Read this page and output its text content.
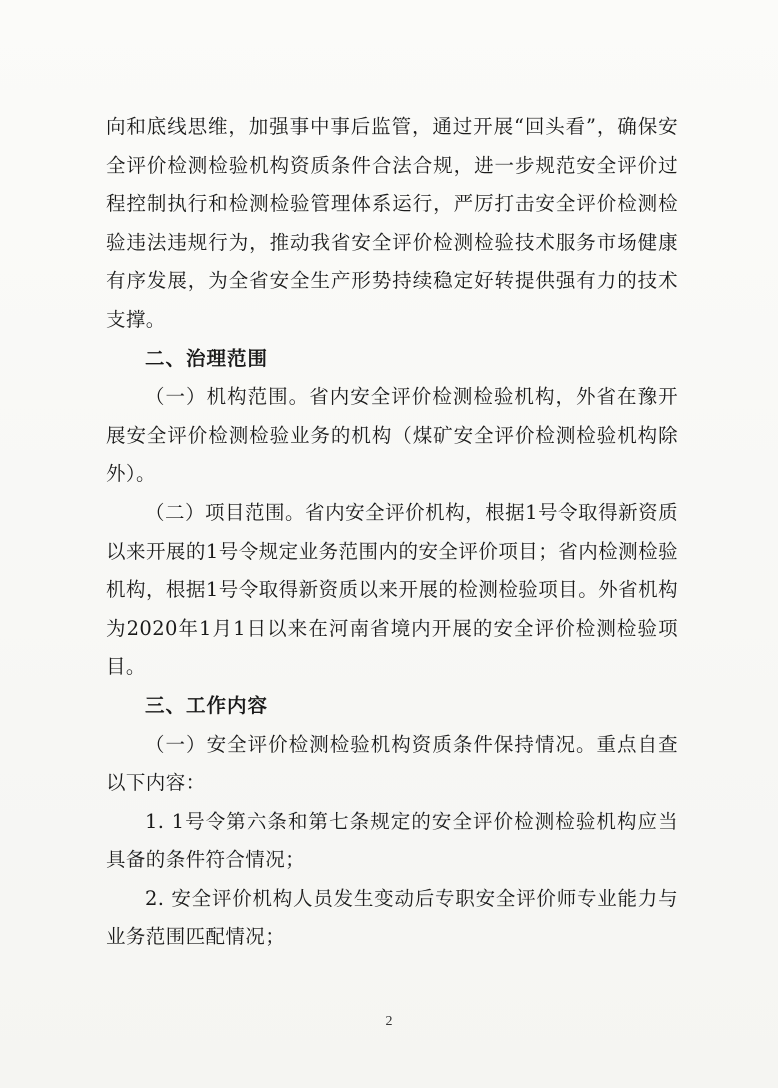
向和底线思维，加强事中事后监管，通过开展“回头看”，确保安全评价检测检验机构资质条件合法合规，进一步规范安全评价过程控制执行和检测检验管理体系运行，严厉打击安全评价检测检验违法违规行为，推动我省安全评价检测检验技术服务市场健康有序发展，为全省安全生产形势持续稳定好转提供强有力的技术支撑。

二、治理范围

（一）机构范围。省内安全评价检测检验机构，外省在豫开展安全评价检测检验业务的机构（煤矿安全评价检测检验机构除外）。

（二）项目范围。省内安全评价机构，根据1号令取得新资质以来开展的1号令规定业务范围内的安全评价项目；省内检测检验机构，根据1号令取得新资质以来开展的检测检验项目。外省机构为2020年1月1日以来在河南省境内开展的安全评价检测检验项目。

三、工作内容

（一）安全评价检测检验机构资质条件保持情况。重点自查以下内容：

1. 1号令第六条和第七条规定的安全评价检测检验机构应当具备的条件符合情况；

2. 安全评价机构人员发生变动后专职安全评价师专业能力与业务范围匹配情况；

2
